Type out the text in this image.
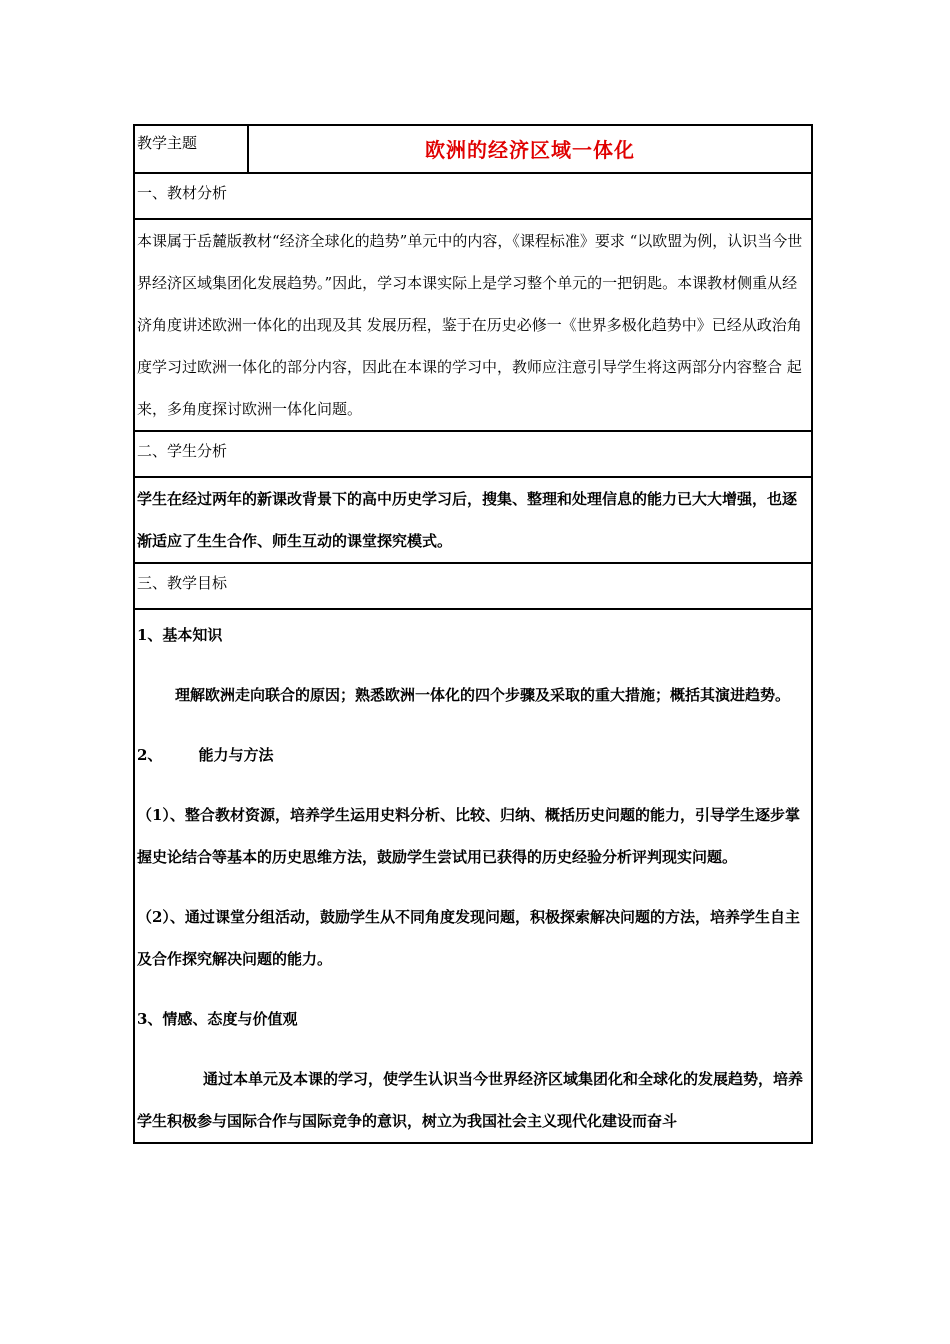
教学主题	欧洲的经济区域一体化
一、教材分析
本课属于岳麓版教材“经济全球化的趋势”单元中的内容，《课程标准》要求 “以欧盟为例，认识当今世界经济区域集团化发展趋势。”因此，学习本课实际上是学习整个单元的一把钥匙。本课教材侧重从经济角度讲述欧洲一体化的出现及其 发展历程，鉴于在历史必修一《世界多极化趋势中》已经从政治角度学习过欧洲一体化的部分内容，因此在本课的学习中，教师应注意引导学生将这两部分内容整合 起来，多角度探讨欧洲一体化问题。
二、学生分析
学生在经过两年的新课改背景下的高中历史学习后，搜集、整理和处理信息的能力已大大增强，也逐渐适应了生生合作、师生互动的课堂探究模式。
三、教学目标

1、基本知识

理解欧洲走向联合的原因；熟悉欧洲一体化的四个步骤及采取的重大措施；概括其演进趋势。

2、 能力与方法

（1）、整合教材资源，培养学生运用史料分析、比较、归纳、概括历史问题的能力，引导学生逐步掌握史论结合等基本的历史思维方法，鼓励学生尝试用已获得的历史经验分析评判现实问题。

（2）、通过课堂分组活动，鼓励学生从不同角度发现问题，积极探索解决问题的方法，培养学生自主及合作探究解决问题的能力。

3、情感、态度与价值观

通过本单元及本课的学习，使学生认识当今世界经济区域集团化和全球化的发展趋势，培养学生积极参与国际合作与国际竞争的意识，树立为我国社会主义现代化建设而奋斗
